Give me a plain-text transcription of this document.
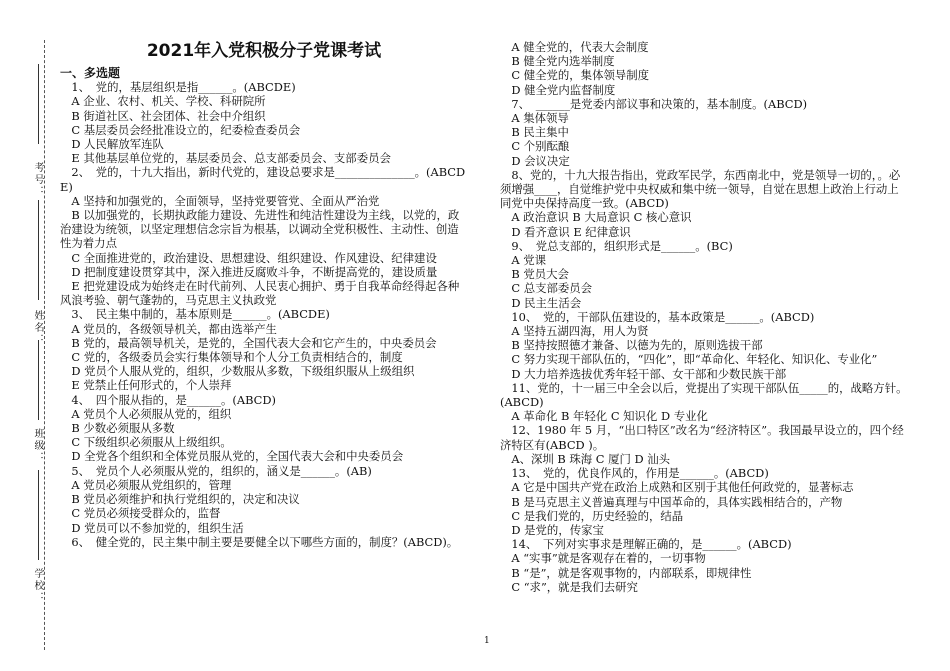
考号：
姓名：
班级：
学校：
2021年入党积极分子党课考试
一、多选题
　1、　党的，基层组织是指______。(ABCDE)
　A 企业、农村、机关、学校、科研院所
　B 街道社区、社会团体、社会中介组织
　C 基层委员会经批准设立的，纪委检查委员会
　D 人民解放军连队
　E 其他基层单位党的，基层委员会、总支部委员会、支部委员会
　2、　党的，十九大指出，新时代党的，建设总要求是______________。(ABCDE)
　A 坚持和加强党的，全面领导，坚持党要管党、全面从严治党
　B 以加强党的，长期执政能力建设、先进性和纯洁性建设为主线，以党的，政治建设为统领，以坚定理想信念宗旨为根基，以调动全党积极性、主动性、创造性为着力点
　C 全面推进党的，政治建设、思想建设、组织建设、作风建设、纪律建设
　D 把制度建设贯穿其中，深入推进反腐败斗争，不断提高党的，建设质量
　E 把党建设成为始终走在时代前列、人民衷心拥护、勇于自我革命经得起各种风浪考验、朝气蓬勃的，马克思主义执政党
　3、　民主集中制的，基本原则是______。(ABCDE)
　A 党员的，各级领导机关，都由选举产生
　B 党的，最高领导机关，是党的，全国代表大会和它产生的，中央委员会
　C 党的，各级委员会实行集体领导和个人分工负责相结合的，制度
　D 党员个人服从党的，组织，少数服从多数，下级组织服从上级组织
　E 党禁止任何形式的，个人崇拜
　4、　四个服从指的，是______。(ABCD)
　A 党员个人必须服从党的，组织
　B 少数必须服从多数
　C 下级组织必须服从上级组织。
　D 全党各个组织和全体党员服从党的，全国代表大会和中央委员会
　5、　党员个人必须服从党的，组织的，涵义是______。(AB)
　A 党员必须服从党组织的，管理
　B 党员必须维护和执行党组织的，决定和决议
　C 党员必须接受群众的，监督
　D 党员可以不参加党的，组织生活
　6、　健全党的，民主集中制主要是要健全以下哪些方面的，制度？(ABCD)。
　A 健全党的，代表大会制度
　B 健全党内选举制度
　C 健全党的，集体领导制度
　D 健全党内监督制度
　7、　______是党委内部议事和决策的，基本制度。(ABCD)
　A 集体领导
　B 民主集中
　C 个别酝酿
　D 会议决定
　8、党的，十九大报告指出，党政军民学，东西南北中，党是领导一切的，。必须增强____，自觉维护党中央权威和集中统一领导，自觉在思想上政治上行动上同党中央保持高度一致。(ABCD)
　A 政治意识 B 大局意识 C 核心意识
　D 看齐意识 E 纪律意识
　9、　党总支部的，组织形式是______。(BC)
　A 党课
　B 党员大会
　C 总支部委员会
　D 民主生活会
　10、　党的，干部队伍建设的，基本政策是______。(ABCD)
　A 坚持五湖四海，用人为贤
　B 坚持按照德才兼备、以德为先的，原则选拔干部
　C 努力实现干部队伍的，“四化”，即“革命化、年轻化、知识化、专业化”
　D 大力培养选拔优秀年轻干部、女干部和少数民族干部
　11、党的，十一届三中全会以后，党提出了实现干部队伍_____的，战略方针。(ABCD)
　A 革命化 B 年轻化 C 知识化 D 专业化
　12、1980 年 5 月，“出口特区”改名为“经济特区”。我国最早设立的，四个经济特区有(ABCD )。
　A、深圳 B 珠海 C 厦门 D 汕头
　13、　党的，优良作风的，作用是______。(ABCD)
　A 它是中国共产党在政治上成熟和区别于其他任何政党的，显著标志
　B 是马克思主义普遍真理与中国革命的，具体实践相结合的，产物
　C 是我们党的，历史经验的，结晶
　D 是党的，传家宝
　14、　下列对实事求是理解正确的，是______。(ABCD)
　A “实事”就是客观存在着的，一切事物
　B “是”，就是客观事物的，内部联系，即规律性
　C “求”，就是我们去研究
1
